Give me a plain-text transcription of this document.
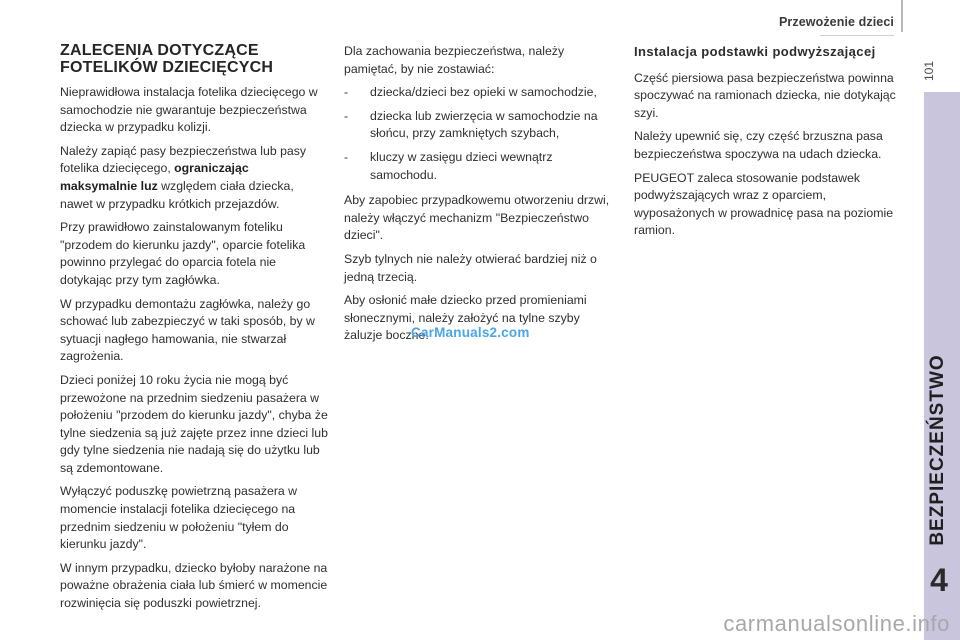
Przewożenie dzieci
101
BEZPIECZEŃSTWO
4
ZALECENIA DOTYCZĄCE FOTELIKÓW DZIECIĘCYCH

Nieprawidłowa instalacja fotelika dziecięcego w samochodzie nie gwarantuje bezpieczeństwa dziecka w przypadku kolizji.

Należy zapiąć pasy bezpieczeństwa lub pasy fotelika dziecięcego, ograniczając maksymalnie luz względem ciała dziecka, nawet w przypadku krótkich przejazdów.

Przy prawidłowo zainstalowanym foteliku "przodem do kierunku jazdy", oparcie fotelika powinno przylegać do oparcia fotela nie dotykając przy tym zagłówka.

W przypadku demontażu zagłówka, należy go schować lub zabezpieczyć w taki sposób, by w sytuacji nagłego hamowania, nie stwarzał zagrożenia.

Dzieci poniżej 10 roku życia nie mogą być przewożone na przednim siedzeniu pasażera w położeniu "przodem do kierunku jazdy", chyba że tylne siedzenia są już zajęte przez inne dzieci lub gdy tylne siedzenia nie nadają się do użytku lub są zdemontowane.

Wyłączyć poduszkę powietrzną pasażera w momencie instalacji fotelika dziecięcego na przednim siedzeniu w położeniu "tyłem do kierunku jazdy".

W innym przypadku, dziecko byłoby narażone na poważne obrażenia ciała lub śmierć w momencie rozwinięcia się poduszki powietrznej.

Dla zachowania bezpieczeństwa, należy pamiętać, by nie zostawiać:

- dziecka/dzieci bez opieki w samochodzie,
- dziecka lub zwierzęcia w samochodzie na słońcu, przy zamkniętych szybach,
- kluczy w zasięgu dzieci wewnątrz samochodu.

Aby zapobiec przypadkowemu otworzeniu drzwi, należy włączyć mechanizm "Bezpieczeństwo dzieci".

Szyb tylnych nie należy otwierać bardziej niż o jedną trzecią.

Aby osłonić małe dziecko przed promieniami słonecznymi, należy założyć na tylne szyby żaluzje boczne.

Instalacja podstawki podwyższającej

Część piersiowa pasa bezpieczeństwa powinna spoczywać na ramionach dziecka, nie dotykając szyi.

Należy upewnić się, czy część brzuszna pasa bezpieczeństwa spoczywa na udach dziecka.

PEUGEOT zaleca stosowanie podstawek podwyższających wraz z oparciem, wyposażonych w prowadnicę pasa na poziomie ramion.

CarManuals2.com
carmanualsonline.info
